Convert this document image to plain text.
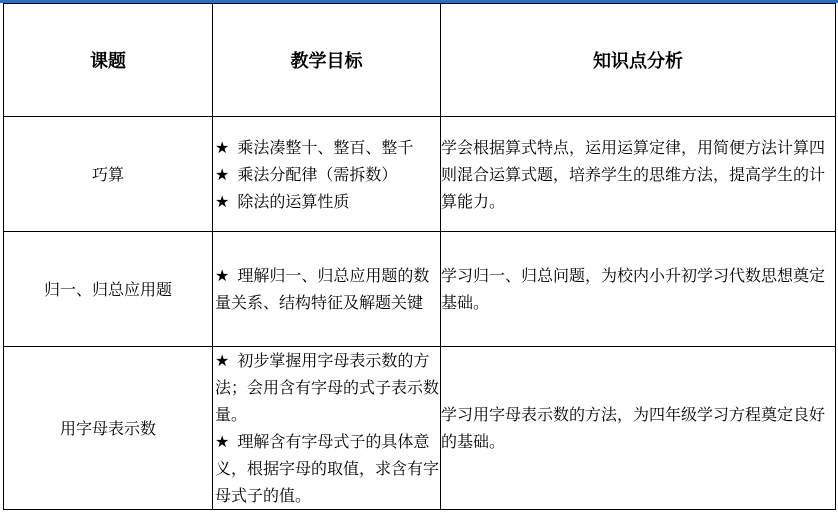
课题	教学目标	知识点分析
巧算	★ 乘法凑整十、整百、整千
★ 乘法分配律（需拆数）
★ 除法的运算性质	学会根据算式特点，运用运算定律，用简便方法计算四则混合运算式题，培养学生的思维方法，提高学生的计算能力。
归一、归总应用题	★ 理解归一、归总应用题的数量关系、结构特征及解题关键	学习归一、归总问题，为校内小升初学习代数思想奠定基础。
用字母表示数	★ 初步掌握用字母表示数的方法；会用含有字母的式子表示数量。
★ 理解含有字母式子的具体意义，根据字母的取值，求含有字母式子的值。	学习用字母表示数的方法，为四年级学习方程奠定良好的基础。
